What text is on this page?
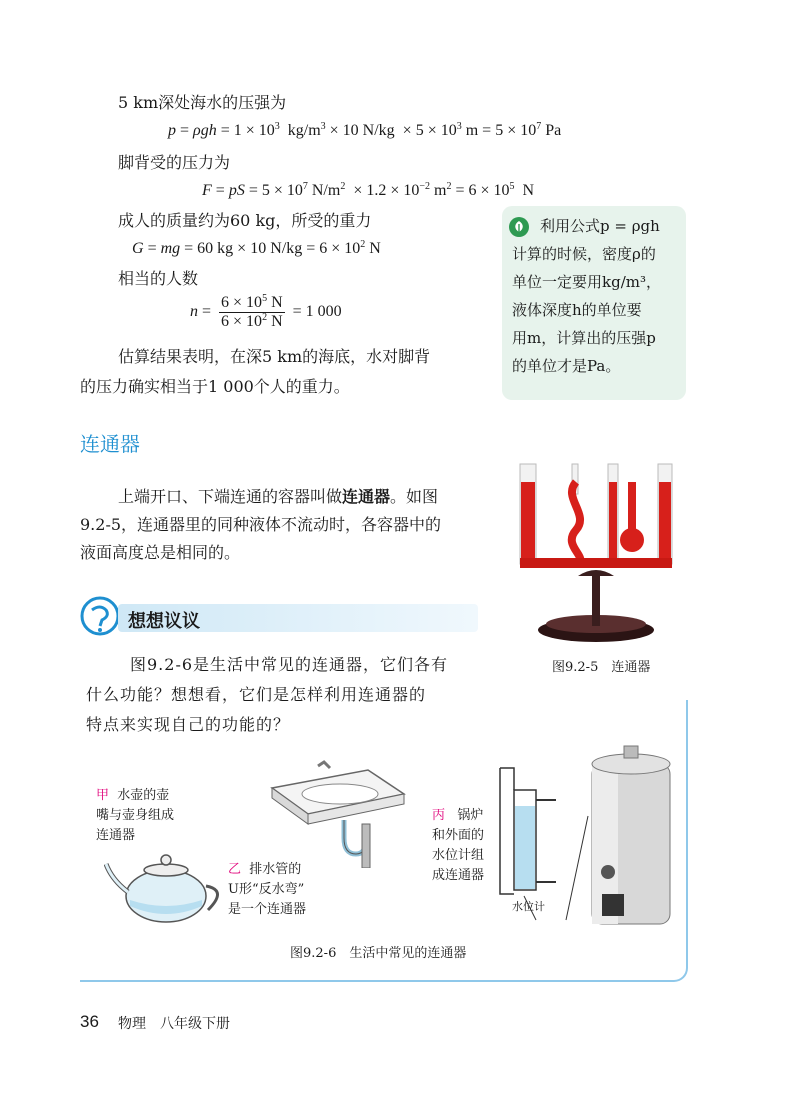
5 km深处海水的压强为
$p = \rho gh = 1 \times 10^3$  $kg/m^3 \times 10$ $N/kg \times 5 \times 10^3$ $m = 5 \times 10^7$ Pa
脚背受的压力为
F = pS = $5 \times 10^7$ $N/m^2 \times 1.2 \times 10^{-2}$ $m^2 = 6 \times 10^5$  N
成人的质量约为60 kg，所受的重力
G = mg = 60 kg × 10 $N/kg = 6 \times 10^2$ N
相当的人数
$n = \frac{6 \times 10^5 N}{6 \times 10^2 N} = 1$ 000
估算结果表明，在深5 km的海底，水对脚背
的压力确实相当于1 000个人的重力。
利用公式p = ρgh
计算的时候，密度ρ的
单位一定要用kg/m³，
液体深度h的单位要
用m，计算出的压强p
的单位才是Pa。
连通器
上端开口、下端连通的容器叫做连通器。如图
9.2-5，连通器里的同种液体不流动时，各容器中的
液面高度总是相同的。
图9.2-5　连通器
想想议议
图9.2-6是生活中常见的连通器，它们各有
什么功能？想想看，它们是怎样利用连通器的
特点来实现自己的功能的？
甲 水壶的壶
嘴与壶身组成
连通器
乙 排水管的
U形“反水弯”
是一个连通器
丙 锅炉
和外面的
水位计组
成连通器
水位计
图9.2-6　生活中常见的连通器
36 物理　八年级下册
